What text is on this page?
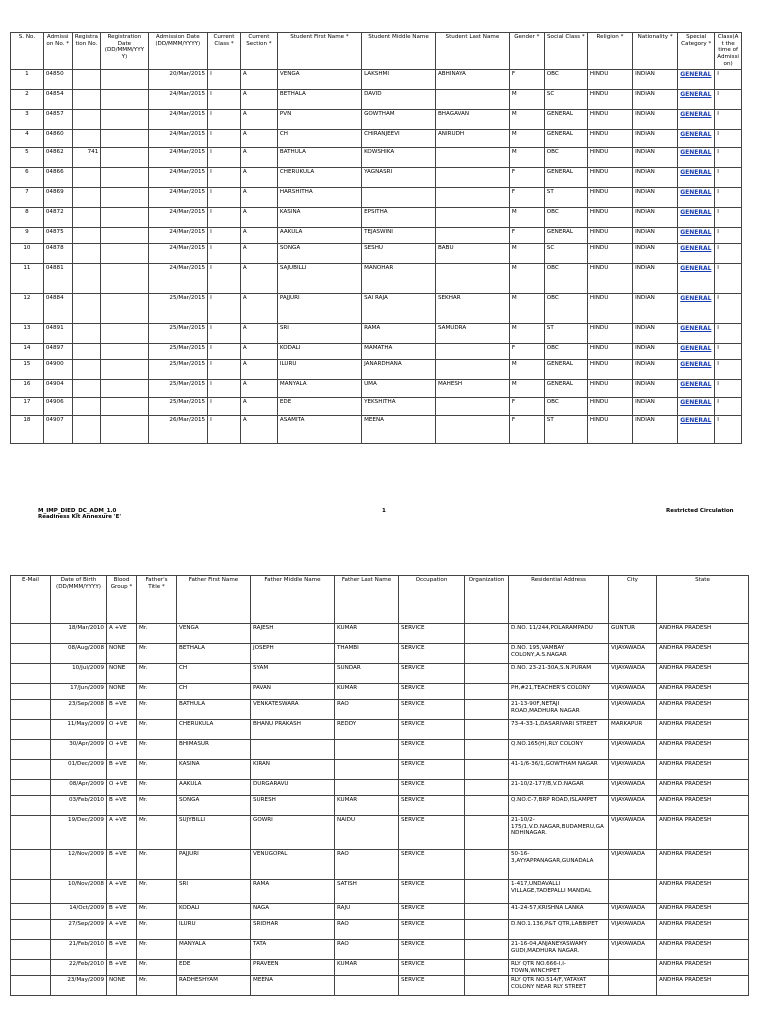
S. No.	Admission No. *	Registration No.	Registration Date (DD/MMM/YYYY)	Admission Date (DD/MMM/YYYY)	Current Class *	Current Section *	Student First Name *	Student Middle Name	Student Last Name	Gender *	Social Class *	Religion *	Nationality *	Special Category *	Class(At the time of Admission)
1	04850			20/Mar/2015	I	A	VENGA	LAKSHMI	ABHINAYA	F	OBC	HINDU	INDIAN	GENERAL	I
2	04854			24/Mar/2015	I	A	BETHALA	DAVID		M	SC	HINDU	INDIAN	GENERAL	I
3	04857			24/Mar/2015	I	A	PVN	GOWTHAM	BHAGAVAN	M	GENERAL	HINDU	INDIAN	GENERAL	I
4	04860			24/Mar/2015	I	A	CH	CHIRANJEEVI	ANIRUDH	M	GENERAL	HINDU	INDIAN	GENERAL	I
5	04862	741		24/Mar/2015	I	A	BATHULA	KOWSHIKA		M	OBC	HINDU	INDIAN	GENERAL	I
6	04866			24/Mar/2015	I	A	CHERUKULA	YAGNASRI		F	GENERAL	HINDU	INDIAN	GENERAL	I
7	04869			24/Mar/2015	I	A	HARSHITHA			F	ST	HINDU	INDIAN	GENERAL	I
8	04872			24/Mar/2015	I	A	KASINA	EPSITHA		M	OBC	HINDU	INDIAN	GENERAL	I
9	04875			24/Mar/2015	I	A	AAKULA	TEJASWINI		F	GENERAL	HINDU	INDIAN	GENERAL	I
10	04878			24/Mar/2015	I	A	SONGA	SESHU	BABU	M	SC	HINDU	INDIAN	GENERAL	I
11	04881			24/Mar/2015	I	A	SAJUBILLI	MANOHAR		M	OBC	HINDU	INDIAN	GENERAL	I
12	04884			25/Mar/2015	I	A	PAJJURI	SAI RAJA	SEKHAR	M	OBC	HINDU	INDIAN	GENERAL	I
13	04891			25/Mar/2015	I	A	SRI	RAMA	SAMUDRA	M	ST	HINDU	INDIAN	GENERAL	I
14	04897			25/Mar/2015	I	A	KODALI	MAMATHA		F	OBC	HINDU	INDIAN	GENERAL	I
15	04900			25/Mar/2015	I	A	ILURU	JANARDHANA		M	GENERAL	HINDU	INDIAN	GENERAL	I
16	04904			25/Mar/2015	I	A	MANYALA	UMA	MAHESH	M	GENERAL	HINDU	INDIAN	GENERAL	I
17	04906			25/Mar/2015	I	A	EDE	YEKSHITHA		F	OBC	HINDU	INDIAN	GENERAL	I
18	04907			26/Mar/2015	I	A	ASAMITA	MEENA		F	ST	HINDU	INDIAN	GENERAL	I
M_IMP_DIED_DC_ADM_1.0
Readiness Kit Annexure 'E'
1	Restricted Circulation
E-Mail	Date of Birth (DD/MMM/YYYY)	Blood Group *	Father's Title *	Father First Name	Father Middle Name	Father Last Name	Occupation	Organization	Residential Address	City	State
	18/Mar/2010	A +VE	Mr.	VENGA	RAJESH	KUMAR	SERVICE		D.NO. 11/244,POLARAMPADU	GUNTUR	ANDHRA PRADESH
	08/Aug/2008	NONE	Mr.	BETHALA	JOSEPH	THAMBI	SERVICE		D.NO. 195,VAMBAY COLONY,A.S.NAGAR	VIJAYAWADA	ANDHRA PRADESH
	10/Jul/2009	NONE	Mr.	CH	SYAM	SUNDAR	SERVICE		D.NO. 23-21-30A,S.N.PURAM	VIJAYAWADA	ANDHRA PRADESH
	17/Jun/2009	NONE	Mr.	CH	PAVAN	KUMAR	SERVICE		PH,#21,TEACHER'S COLONY	VIJAYAWADA	ANDHRA PRADESH
	23/Sep/2008	B +VE	Mr.	BATHULA	VENKATESWARA	RAO	SERVICE		21-13-90F,NETAJI ROAD,MADHURA NAGAR	VIJAYAWADA	ANDHRA PRADESH
	11/May/2009	O +VE	Mr.	CHERUKULA	BHANU PRAKASH	REDDY	SERVICE		73-4-33-1,DASARIVARI STREET	MARKAPUR	ANDHRA PRADESH
	30/Apr/2009	O +VE	Mr.	BHIMASUR			SERVICE		Q.NO.165(H),RLY COLONY	VIJAYAWADA	ANDHRA PRADESH
	01/Dec/2009	B +VE	Mr.	KASINA	KIRAN		SERVICE		41-1/6-36/1,GOWTHAM NAGAR	VIJAYAWADA	ANDHRA PRADESH
	08/Apr/2009	O +VE	Mr.	AAKULA	DURGARAVU		SERVICE		21-10/2-177/B,V.D.NAGAR	VIJAYAWADA	ANDHRA PRADESH
	03/Feb/2010	B +VE	Mr.	SONGA	SURESH	KUMAR	SERVICE		Q.NO.C-7,BRP ROAD,ISLAMPET	VIJAYAWADA	ANDHRA PRADESH
	19/Dec/2009	A +VE	Mr.	SUJYBILLI	GOWRI	NAIDU	SERVICE		21-10/2-175/1,V.D.NAGAR,BUDAMERU,GANDHINAGAR.	VIJAYAWADA	ANDHRA PRADESH
	12/Nov/2009	B +VE	Mr.	PAJJURI	VENUGOPAL	RAO	SERVICE		50-16-3,AYYAPPANAGAR,GUNADALA	VIJAYAWADA	ANDHRA PRADESH
	10/Nov/2008	A +VE	Mr.	SRI	RAMA	SATISH	SERVICE		1-417,UNDAVALLI VILLAGE,TADEPALLI MANDAL		ANDHRA PRADESH
	14/Oct/2009	B +VE	Mr.	KODALI	NAGA	RAJU	SERVICE		41-24-57,KRISHNA LANKA	VIJAYAWADA	ANDHRA PRADESH
	27/Sep/2009	A +VE	Mr.	ILURU	SRIDHAR	RAO	SERVICE		D.NO.1.136,P&T QTR,LABBIPET	VIJAYAWADA	ANDHRA PRADESH
	21/Feb/2010	B +VE	Mr.	MANYALA	TATA	RAO	SERVICE		21-16-04,ANJANEYASWAMY GUDI,MADHURA NAGAR.	VIJAYAWADA	ANDHRA PRADESH
	22/Feb/2010	B +VE	Mr.	EDE	PRAVEEN	KUMAR	SERVICE		RLY QTR NO.666-I,I-TOWN,WINCHPET		ANDHRA PRADESH
	23/May/2009	NONE	Mr.	RADHESHYAM	MEENA		SERVICE		RLY QTR NO.514/F,YATAYAT COLONY NEAR RLY STREET		ANDHRA PRADESH
